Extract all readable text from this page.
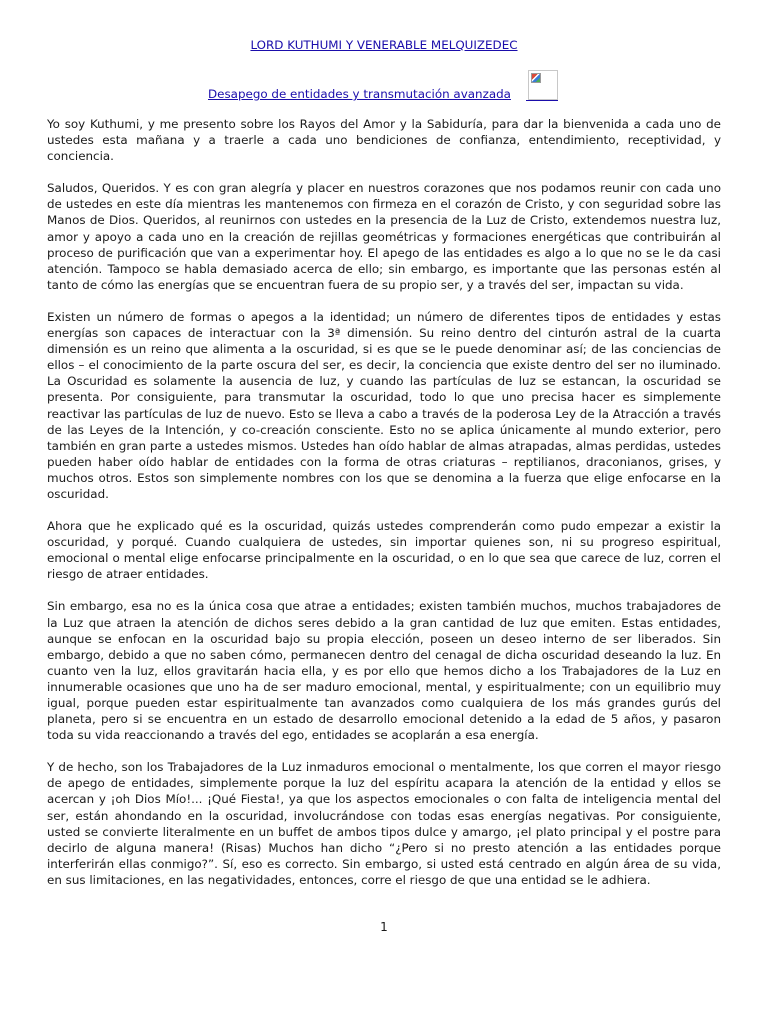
LORD KUTHUMI Y VENERABLE MELQUIZEDEC
Desapego de entidades y transmutación avanzada

Yo soy Kuthumi, y me presento sobre los Rayos del Amor y la Sabiduría, para dar la bienvenida a cada uno de ustedes esta mañana y a traerle a cada uno bendiciones de confianza, entendimiento, receptividad, y conciencia.

Saludos, Queridos. Y es con gran alegría y placer en nuestros corazones que nos podamos reunir con cada uno de ustedes en este día mientras les mantenemos con firmeza en el corazón de Cristo, y con seguridad sobre las Manos de Dios. Queridos, al reunirnos con ustedes en la presencia de la Luz de Cristo, extendemos nuestra luz, amor y apoyo a cada uno en la creación de rejillas geométricas y formaciones energéticas que contribuirán al proceso de purificación que van a experimentar hoy. El apego de las entidades es algo a lo que no se le da casi atención. Tampoco se habla demasiado acerca de ello; sin embargo, es importante que las personas estén al tanto de cómo las energías que se encuentran fuera de su propio ser, y a través del ser, impactan su vida.

Existen un número de formas o apegos a la identidad; un número de diferentes tipos de entidades y estas energías son capaces de interactuar con la 3ª dimensión. Su reino dentro del cinturón astral de la cuarta dimensión es un reino que alimenta a la oscuridad, si es que se le puede denominar así; de las conciencias de ellos – el conocimiento de la parte oscura del ser, es decir, la conciencia que existe dentro del ser no iluminado. La Oscuridad es solamente la ausencia de luz, y cuando las partículas de luz se estancan, la oscuridad se presenta. Por consiguiente, para transmutar la oscuridad, todo lo que uno precisa hacer es simplemente reactivar las partículas de luz de nuevo. Esto se lleva a cabo a través de la poderosa Ley de la Atracción a través de las Leyes de la Intención, y co-creación consciente. Esto no se aplica únicamente al mundo exterior, pero también en gran parte a ustedes mismos. Ustedes han oído hablar de almas atrapadas, almas perdidas, ustedes pueden haber oído hablar de entidades con la forma de otras criaturas – reptilianos, draconianos, grises, y muchos otros. Estos son simplemente nombres con los que se denomina a la fuerza que elige enfocarse en la oscuridad.

Ahora que he explicado qué es la oscuridad, quizás ustedes comprenderán como pudo empezar a existir la oscuridad, y porqué. Cuando cualquiera de ustedes, sin importar quienes son, ni su progreso espiritual, emocional o mental elige enfocarse principalmente en la oscuridad, o en lo que sea que carece de luz, corren el riesgo de atraer entidades.

Sin embargo, esa no es la única cosa que atrae a entidades; existen también muchos, muchos trabajadores de la Luz que atraen la atención de dichos seres debido a la gran cantidad de luz que emiten. Estas entidades, aunque se enfocan en la oscuridad bajo su propia elección, poseen un deseo interno de ser liberados. Sin embargo, debido a que no saben cómo, permanecen dentro del cenagal de dicha oscuridad deseando la luz. En cuanto ven la luz, ellos gravitarán hacia ella, y es por ello que hemos dicho a los Trabajadores de la Luz en innumerable ocasiones que uno ha de ser maduro emocional, mental, y espiritualmente; con un equilibrio muy igual, porque pueden estar espiritualmente tan avanzados como cualquiera de los más grandes gurús del planeta, pero si se encuentra en un estado de desarrollo emocional detenido a la edad de 5 años, y pasaron toda su vida reaccionando a través del ego, entidades se acoplarán a esa energía.

Y de hecho, son los Trabajadores de la Luz inmaduros emocional o mentalmente, los que corren el mayor riesgo de apego de entidades, simplemente porque la luz del espíritu acapara la atención de la entidad y ellos se acercan y ¡oh Dios Mío!... ¡Qué Fiesta!, ya que los aspectos emocionales o con falta de inteligencia mental del ser, están ahondando en la oscuridad, involucrándose con todas esas energías negativas. Por consiguiente, usted se convierte literalmente en un buffet de ambos tipos dulce y amargo, ¡el plato principal y el postre para decirlo de alguna manera! (Risas) Muchos han dicho “¿Pero si no presto atención a las entidades porque interferirán ellas conmigo?”. Sí, eso es correcto. Sin embargo, si usted está centrado en algún área de su vida, en sus limitaciones, en las negatividades, entonces, corre el riesgo de que una entidad se le adhiera.

1
